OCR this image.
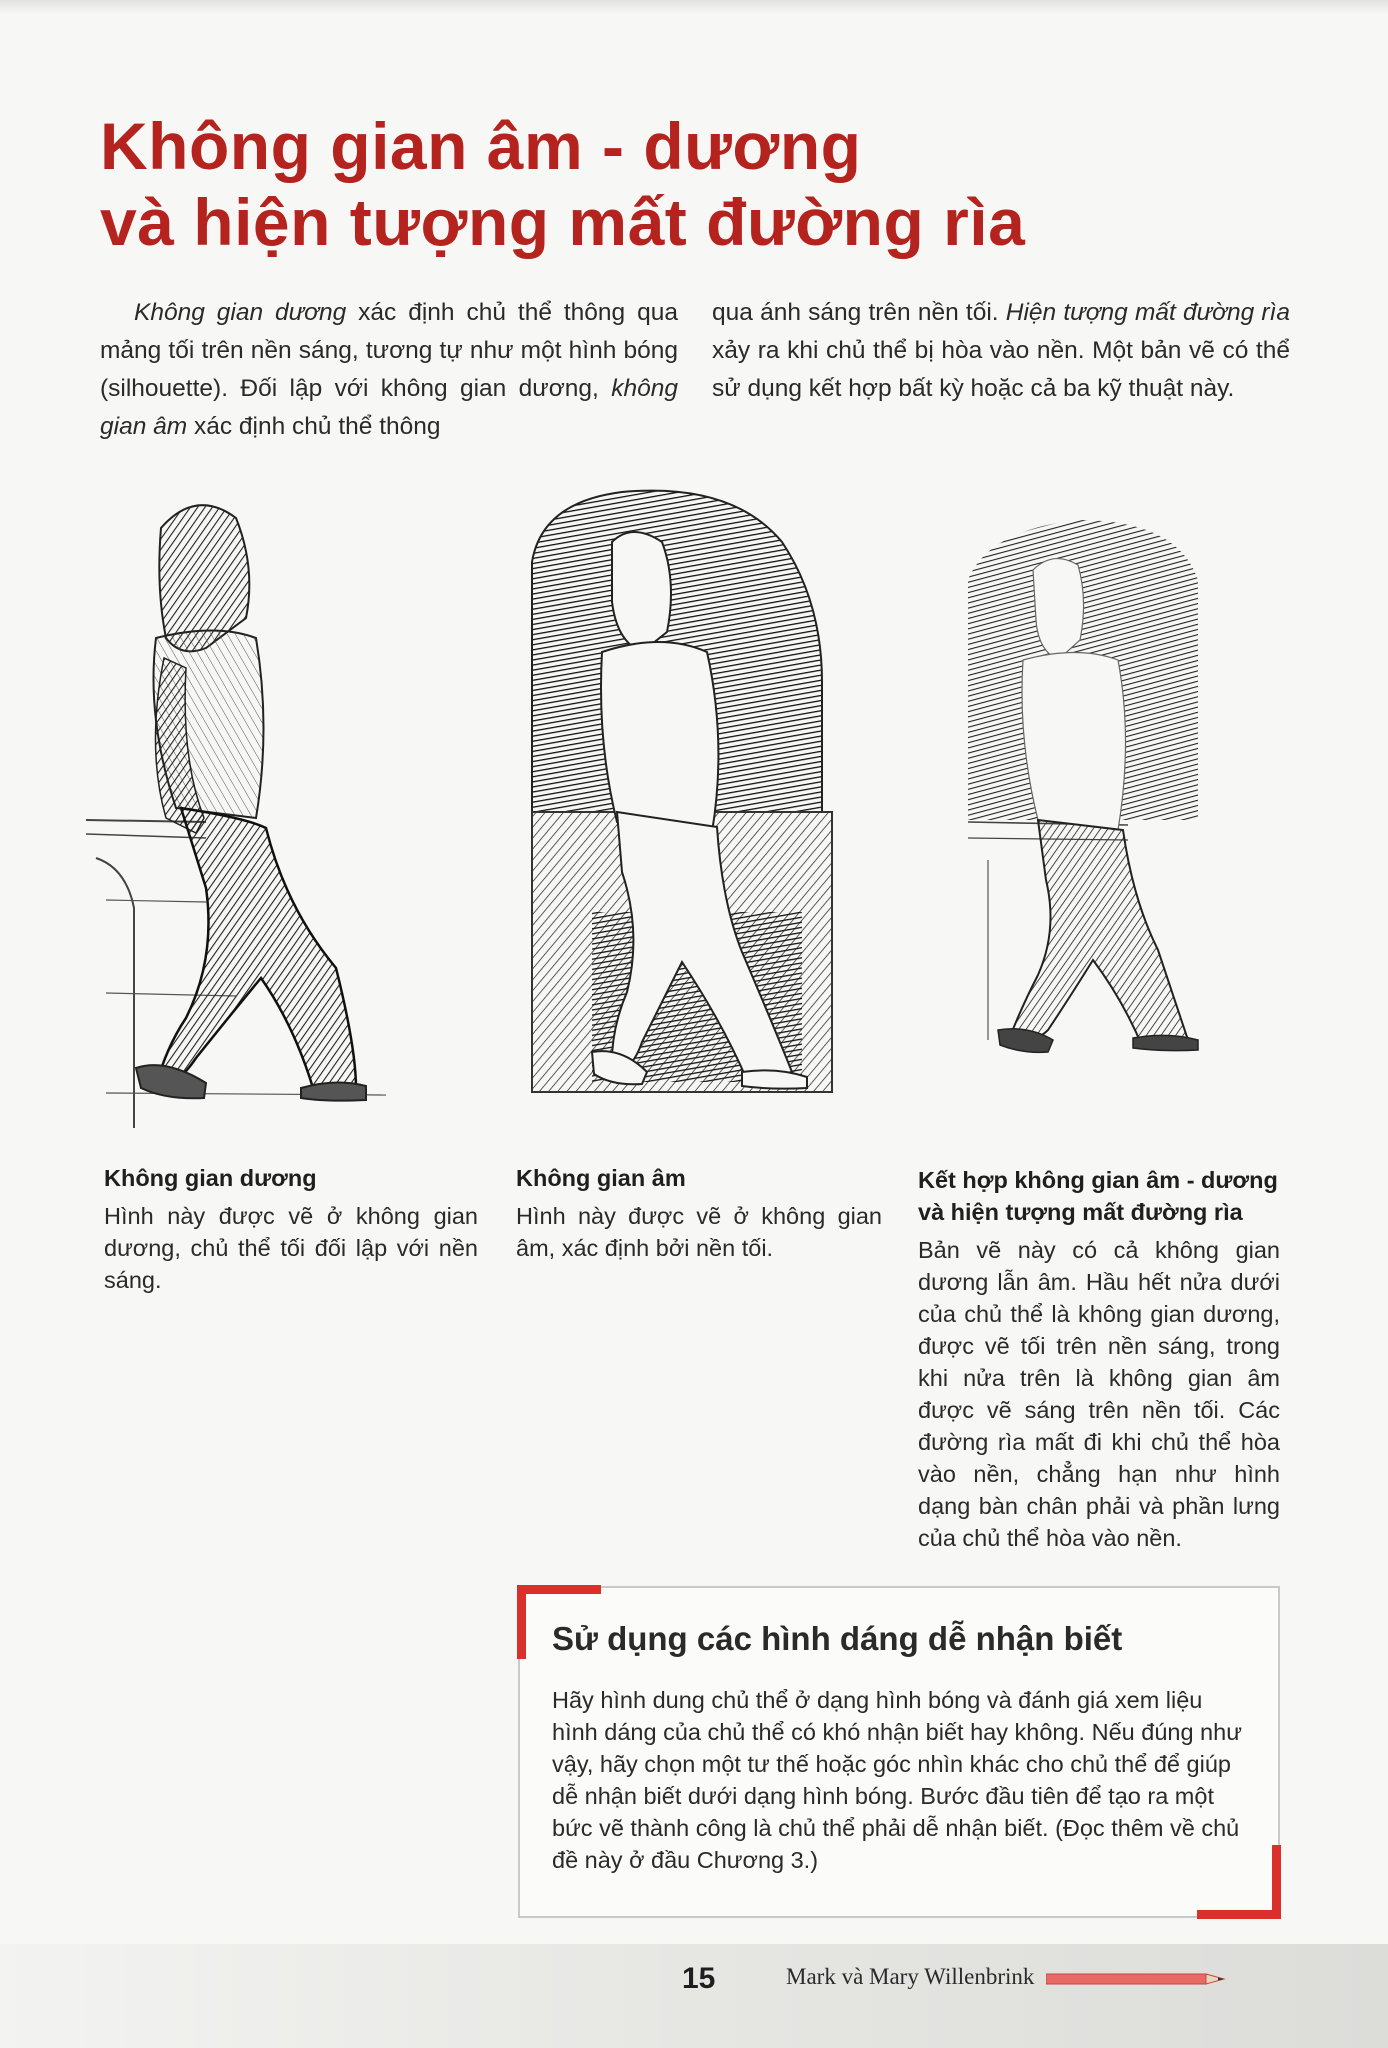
Không gian âm - dương
và hiện tượng mất đường rìa
Không gian dương xác định chủ thể thông qua mảng tối trên nền sáng, tương tự như một hình bóng (silhouette). Đối lập với không gian dương, không gian âm xác định chủ thể thông
qua ánh sáng trên nền tối. Hiện tượng mất đường rìa xảy ra khi chủ thể bị hòa vào nền. Một bản vẽ có thể sử dụng kết hợp bất kỳ hoặc cả ba kỹ thuật này.
Không gian dương
Hình này được vẽ ở không gian dương, chủ thể tối đối lập với nền sáng.
Không gian âm
Hình này được vẽ ở không gian âm, xác định bởi nền tối.
Kết hợp không gian âm - dương
và hiện tượng mất đường rìa
Bản vẽ này có cả không gian dương lẫn âm. Hầu hết nửa dưới của chủ thể là không gian dương, được vẽ tối trên nền sáng, trong khi nửa trên là không gian âm được vẽ sáng trên nền tối. Các đường rìa mất đi khi chủ thể hòa vào nền, chẳng hạn như hình dạng bàn chân phải và phần lưng của chủ thể hòa vào nền.
Sử dụng các hình dáng dễ nhận biết
Hãy hình dung chủ thể ở dạng hình bóng và đánh giá xem liệu hình dáng của chủ thể có khó nhận biết hay không. Nếu đúng như vậy, hãy chọn một tư thế hoặc góc nhìn khác cho chủ thể để giúp dễ nhận biết dưới dạng hình bóng. Bước đầu tiên để tạo ra một bức vẽ thành công là chủ thể phải dễ nhận biết. (Đọc thêm về chủ đề này ở đầu Chương 3.)
15	Mark và Mary Willenbrink
